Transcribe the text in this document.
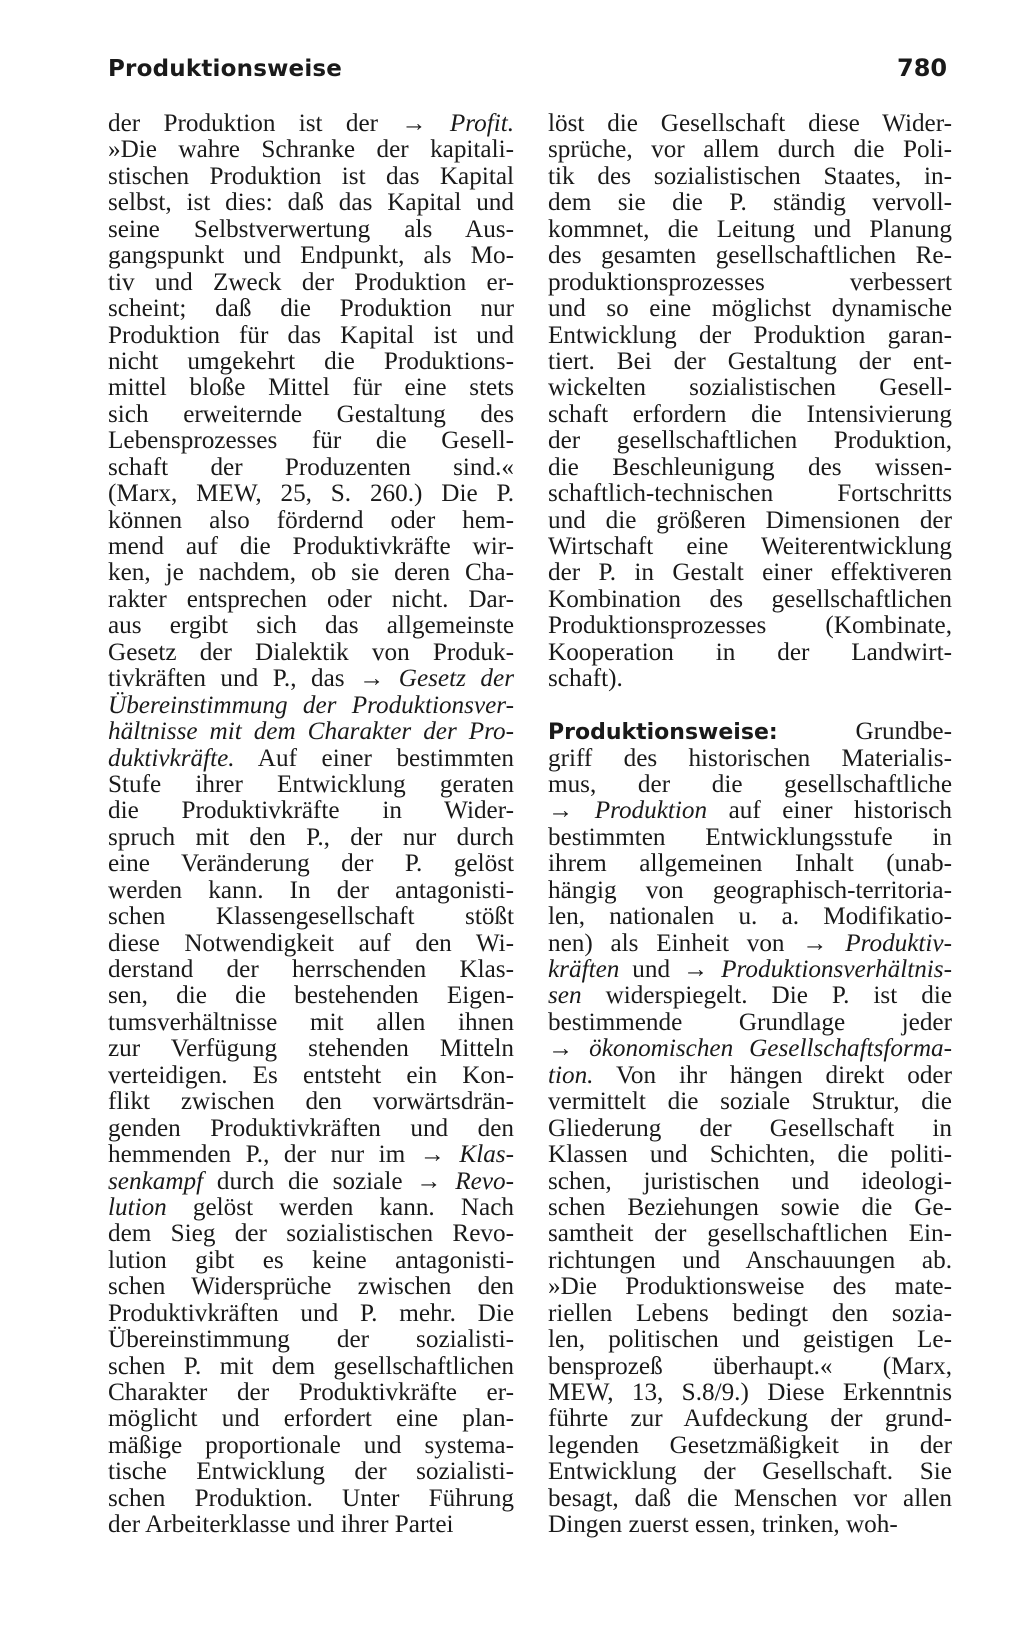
Produktionsweise	780
der Produktion ist der → Profit.
»Die wahre Schranke der kapitali-
stischen Produktion ist das Kapital
selbst, ist dies: daß das Kapital und
seine Selbstverwertung als Aus-
gangspunkt und Endpunkt, als Mo-
tiv und Zweck der Produktion er-
scheint; daß die Produktion nur
Produktion für das Kapital ist und
nicht umgekehrt die Produktions-
mittel bloße Mittel für eine stets
sich erweiternde Gestaltung des
Lebensprozesses für die Gesell-
schaft der Produzenten sind.«
(Marx, MEW, 25, S. 260.) Die P.
können also fördernd oder hem-
mend auf die Produktivkräfte wir-
ken, je nachdem, ob sie deren Cha-
rakter entsprechen oder nicht. Dar-
aus ergibt sich das allgemeinste
Gesetz der Dialektik von Produk-
tivkräften und P., das → Gesetz der
Übereinstimmung der Produktionsver-
hältnisse mit dem Charakter der Pro-
duktivkräfte. Auf einer bestimmten
Stufe ihrer Entwicklung geraten
die Produktivkräfte in Wider-
spruch mit den P., der nur durch
eine Veränderung der P. gelöst
werden kann. In der antagonisti-
schen Klassengesellschaft stößt
diese Notwendigkeit auf den Wi-
derstand der herrschenden Klas-
sen, die die bestehenden Eigen-
tumsverhältnisse mit allen ihnen
zur Verfügung stehenden Mitteln
verteidigen. Es entsteht ein Kon-
flikt zwischen den vorwärtsdrän-
genden Produktivkräften und den
hemmenden P., der nur im → Klas-
senkampf durch die soziale → Revo-
lution gelöst werden kann. Nach
dem Sieg der sozialistischen Revo-
lution gibt es keine antagonisti-
schen Widersprüche zwischen den
Produktivkräften und P. mehr. Die
Übereinstimmung der sozialisti-
schen P. mit dem gesellschaftlichen
Charakter der Produktivkräfte er-
möglicht und erfordert eine plan-
mäßige proportionale und systema-
tische Entwicklung der sozialisti-
schen Produktion. Unter Führung
der Arbeiterklasse und ihrer Partei
löst die Gesellschaft diese Wider-
sprüche, vor allem durch die Poli-
tik des sozialistischen Staates, in-
dem sie die P. ständig vervoll-
kommnet, die Leitung und Planung
des gesamten gesellschaftlichen Re-
produktionsprozesses verbessert
und so eine möglichst dynamische
Entwicklung der Produktion garan-
tiert. Bei der Gestaltung der ent-
wickelten sozialistischen Gesell-
schaft erfordern die Intensivierung
der gesellschaftlichen Produktion,
die Beschleunigung des wissen-
schaftlich-technischen Fortschritts
und die größeren Dimensionen der
Wirtschaft eine Weiterentwicklung
der P. in Gestalt einer effektiveren
Kombination des gesellschaftlichen
Produktionsprozesses (Kombinate,
Kooperation in der Landwirt-
schaft).
Produktionsweise: Grundbe-
griff des historischen Materialis-
mus, der die gesellschaftliche
→ Produktion auf einer historisch
bestimmten Entwicklungsstufe in
ihrem allgemeinen Inhalt (unab-
hängig von geographisch-territoria-
len, nationalen u. a. Modifikatio-
nen) als Einheit von → Produktiv-
kräften und → Produktionsverhältnis-
sen widerspiegelt. Die P. ist die
bestimmende Grundlage jeder
→ ökonomischen Gesellschaftsforma-
tion. Von ihr hängen direkt oder
vermittelt die soziale Struktur, die
Gliederung der Gesellschaft in
Klassen und Schichten, die politi-
schen, juristischen und ideologi-
schen Beziehungen sowie die Ge-
samtheit der gesellschaftlichen Ein-
richtungen und Anschauungen ab.
»Die Produktionsweise des mate-
riellen Lebens bedingt den sozia-
len, politischen und geistigen Le-
bensprozeß überhaupt.« (Marx,
MEW, 13, S.8/9.) Diese Erkenntnis
führte zur Aufdeckung der grund-
legenden Gesetzmäßigkeit in der
Entwicklung der Gesellschaft. Sie
besagt, daß die Menschen vor allen
Dingen zuerst essen, trinken, woh-
